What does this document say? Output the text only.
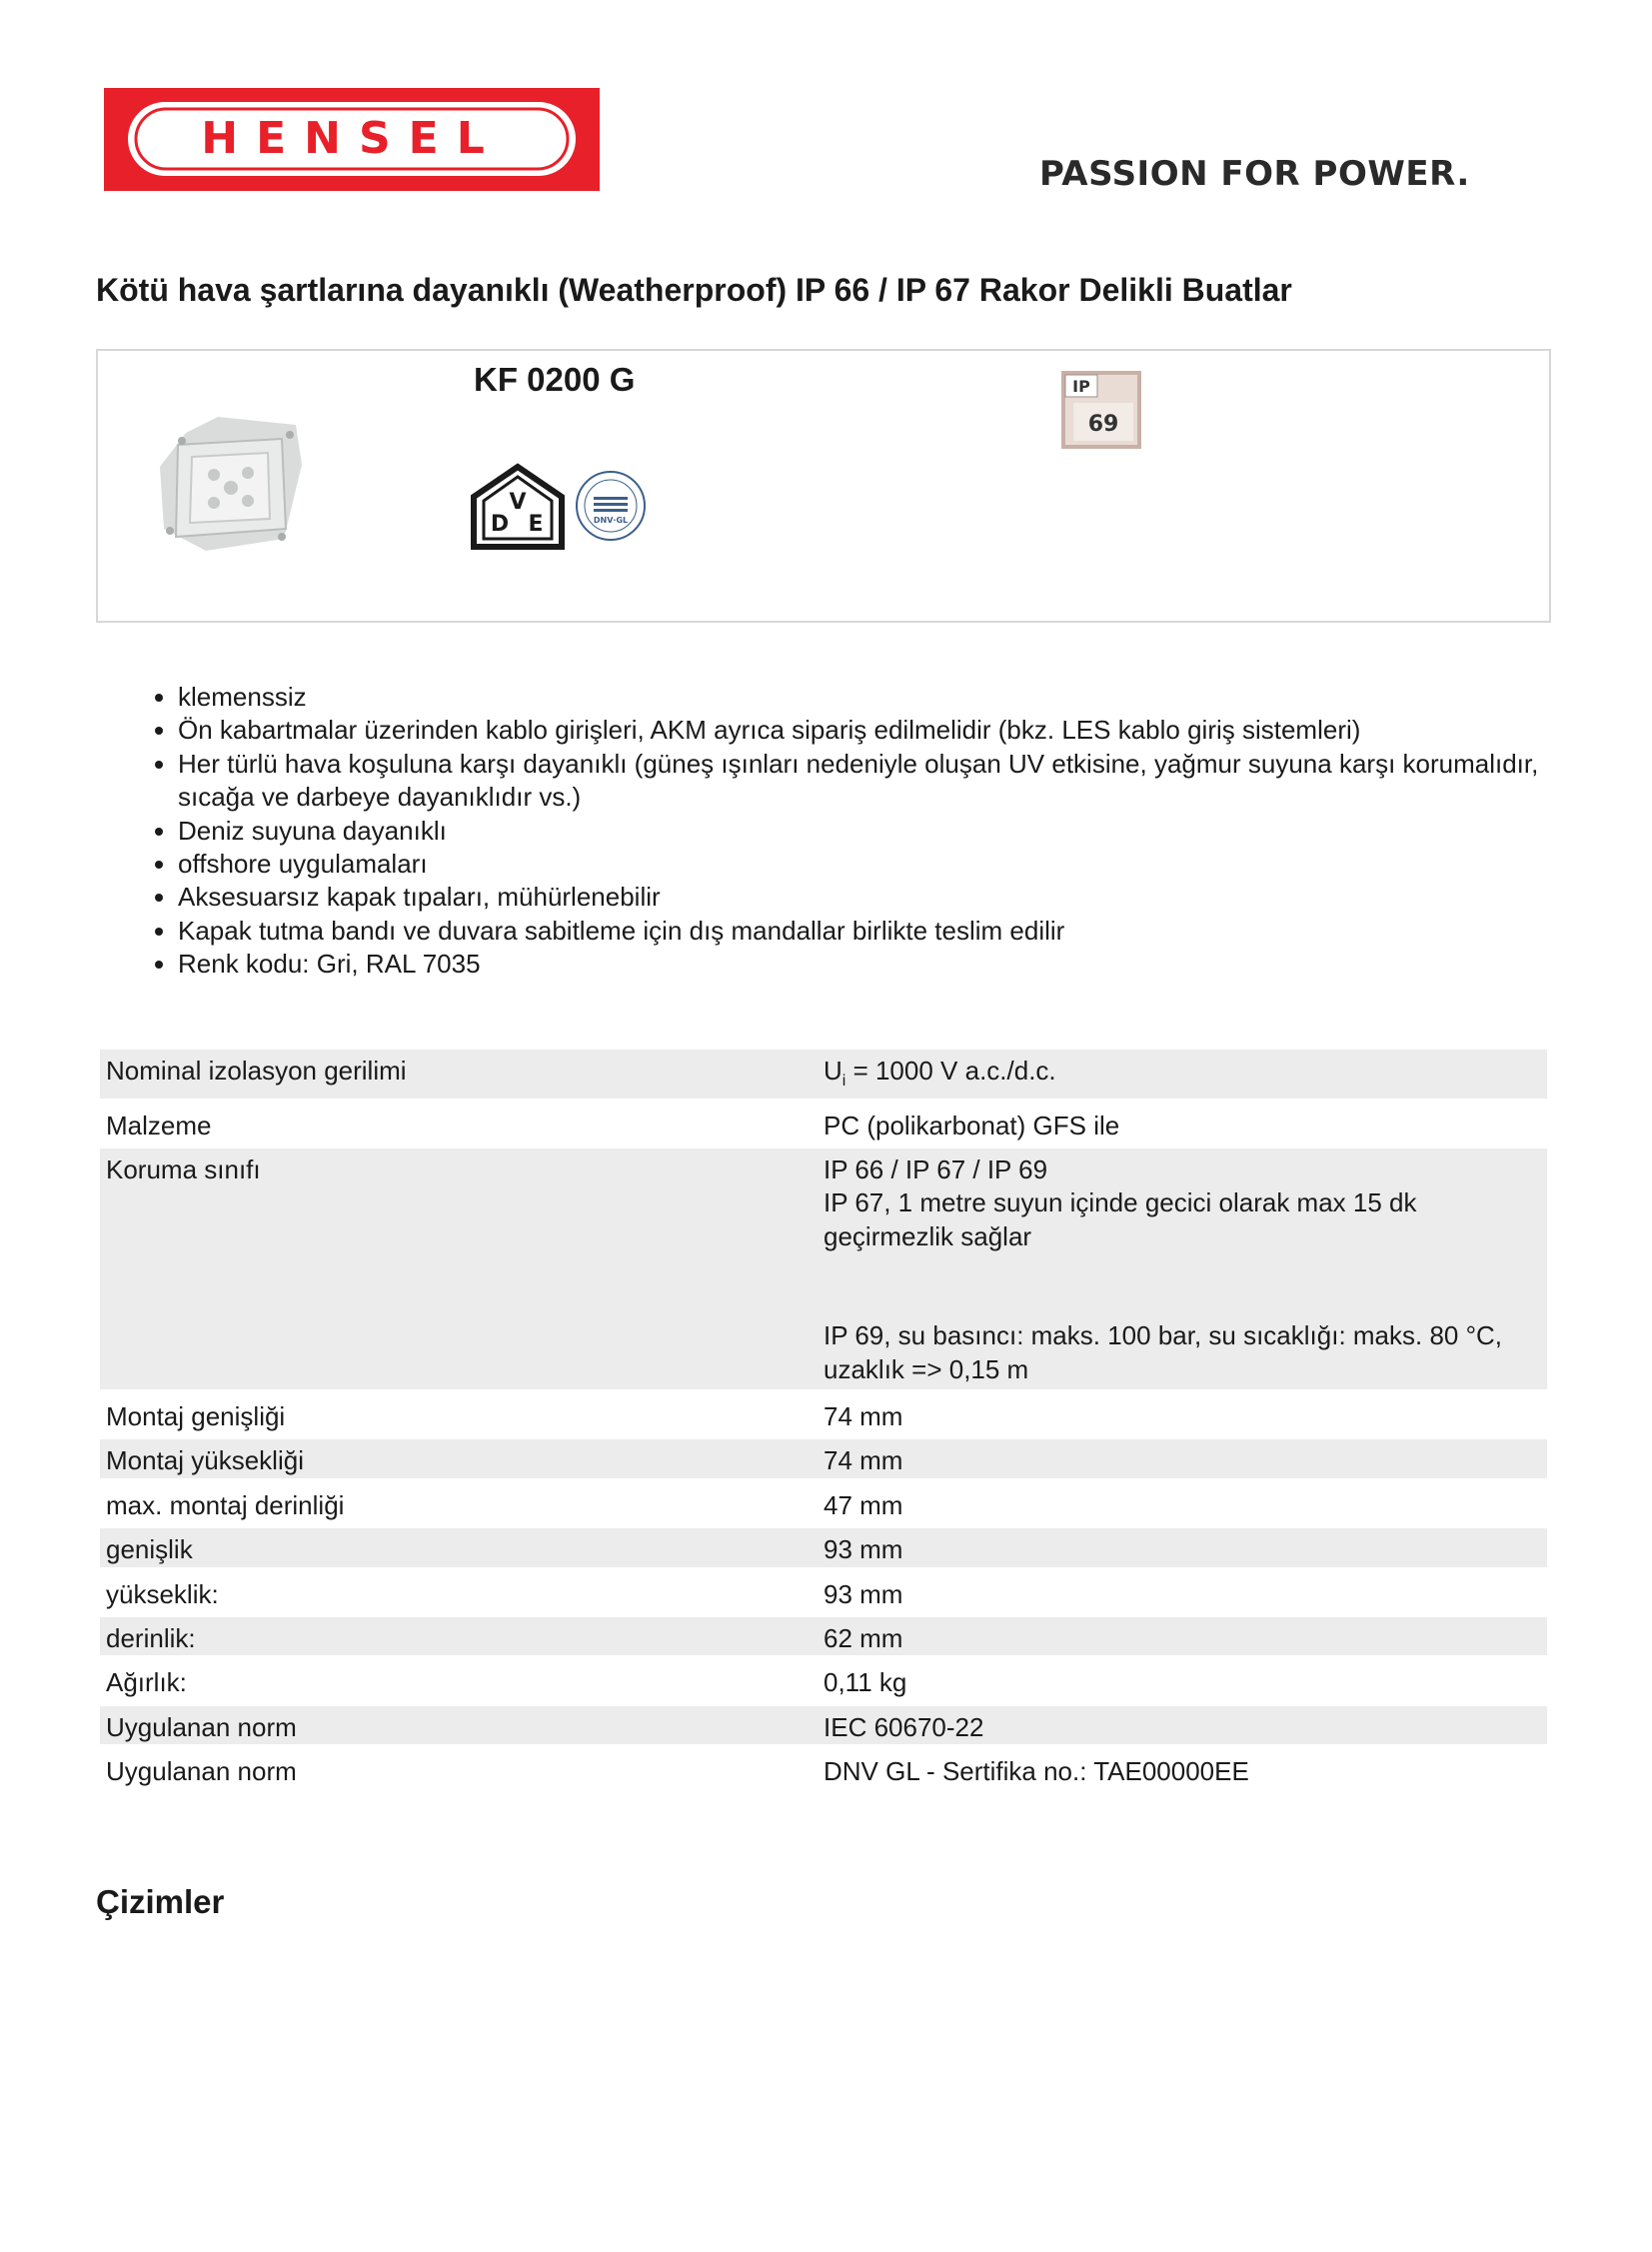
HENSEL
PASSION FOR POWER.
Kötü hava şartlarına dayanıklı (Weatherproof) IP 66 / IP 67 Rakor Delikli Buatlar
KF 0200 G
V
D E	DNV·GL
IP
69
• klemenssiz
• Ön kabartmalar üzerinden kablo girişleri, AKM ayrıca sipariş edilmelidir (bkz. LES kablo giriş sistemleri)
• Her türlü hava koşuluna karşı dayanıklı (güneş ışınları nedeniyle oluşan UV etkisine, yağmur suyuna karşı korumalıdır, sıcağa ve darbeye dayanıklıdır vs.)
• Deniz suyuna dayanıklı
• offshore uygulamaları
• Aksesuarsız kapak tıpaları, mühürlenebilir
• Kapak tutma bandı ve duvara sabitleme için dış mandallar birlikte teslim edilir
• Renk kodu: Gri, RAL 7035
Nominal izolasyon gerilimi	$U_i = 1000$ V a.c./d.c.
Malzeme	PC (polikarbonat) GFS ile
Koruma sınıfı	IP 66 / IP 67 / IP 69
IP 67, 1 metre suyun içinde gecici olarak max 15 dk geçirmezlik sağlar
IP 69, su basıncı: maks. 100 bar, su sıcaklığı: maks. 80 °C, uzaklık => 0,15 m

Montaj genişliği	74 mm
Montaj yüksekliği	74 mm
max. montaj derinliği	47 mm
genişlik	93 mm
yükseklik:	93 mm
derinlik:	62 mm
Ağırlık:	0,11 kg
Uygulanan norm	IEC 60670-22
Uygulanan norm	DNV GL - Sertifika no.: TAE00000EE
Çizimler
